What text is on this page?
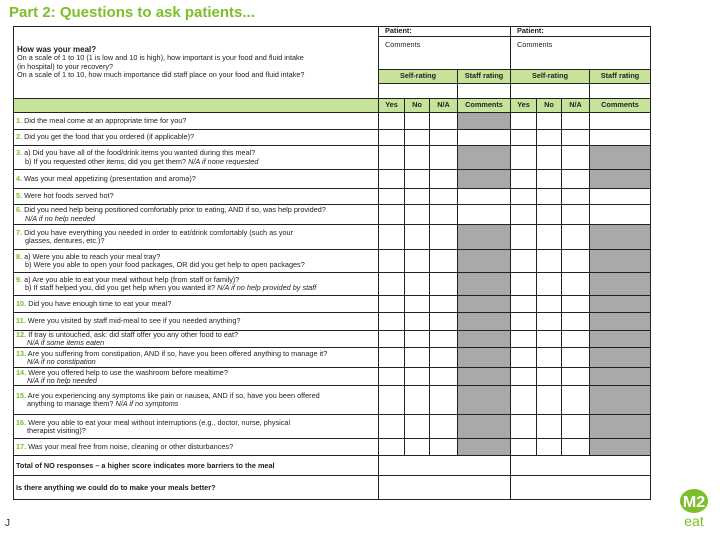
Part 2: Questions to ask patients...
How was your meal?
On a scale of 1 to 10 (1 is low and 10 is high), how important is your food and fluid intake
(in hospital) to your recovery?
On a scale of 1 to 10, how much importance did staff place on your food and fluid intake?	Patient:				Patient:			
	Comments				Comments			
	Self-rating			Staff rating	Self-rating			Staff rating

	Yes	No	N/A	Comments	Yes	No	N/A	Comments
1. Did the meal come at an appropriate time for you?								
2. Did you get the food that you ordered (if applicable)?								
3. a) Did you have all of the food/drink items you wanted during this meal?
b) If you requested other items, did you get them? N/A if none requested								
4. Was your meal appetizing (presentation and aroma)?								
5. Were hot foods served hot?								
6. Did you need help being positioned comfortably prior to eating, AND if so, was help provided?
N/A if no help needed								
7. Did you have everything you needed in order to eat/drink comfortably (such as your
glasses, dentures, etc.)?								
8. a) Were you able to reach your meal tray?
b) Were you able to open your food packages, OR did you get help to open packages?								
9. a) Are you able to eat your meal without help (from staff or family)?
b) If staff helped you, did you get help when you wanted it? N/A if no help provided by staff								
10. Did you have enough time to eat your meal?								
11. Were you visited by staff mid-meal to see if you needed anything?								
12. If tray is untouched, ask: did staff offer you any other food to eat?
N/A if some items eaten								
13. Are you suffering from constipation, AND if so, have you been offered anything to manage it?
N/A if no constipation								
14. Were you offered help to use the washroom before mealtime?
N/A if no help needed								
15. Are you experiencing any symptoms like pain or nausea, AND if so, have you been offered
anything to manage them? N/A if no symptoms								
16. Were you able to eat your meal without interruptions (e.g., doctor, nurse, physical
therapist visiting)?								
17. Was your meal free from noise, cleaning or other disturbances?								
Total of NO responses – a higher score indicates more barriers to the meal								
Is there anything we could do to make your meals better?								
M2
eat
J
